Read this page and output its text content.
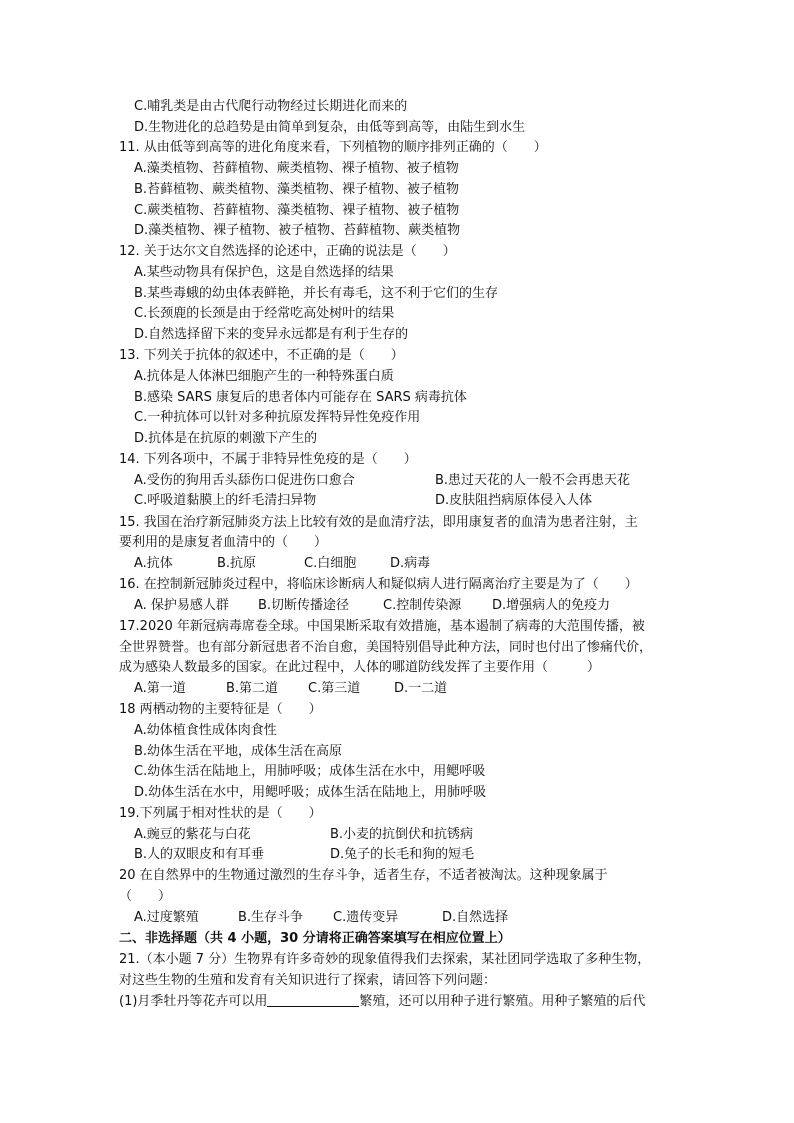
C.哺乳类是由古代爬行动物经过长期进化而来的
D.生物进化的总趋势是由简单到复杂，由低等到高等，由陆生到水生
11. 从由低等到高等的进化角度来看，下列植物的顺序排列正确的（　　）
A.藻类植物、苔藓植物、蕨类植物、裸子植物、被子植物
B.苔藓植物、蕨类植物、藻类植物、裸子植物、被子植物
C.蕨类植物、苔藓植物、藻类植物、裸子植物、被子植物
D.藻类植物、裸子植物、被子植物、苔藓植物、蕨类植物
12. 关于达尔文自然选择的论述中，正确的说法是（　　）
A.某些动物具有保护色，这是自然选择的结果
B.某些毒蛾的幼虫体表鲜艳，并长有毒毛，这不利于它们的生存
C.长颈鹿的长颈是由于经常吃高处树叶的结果
D.自然选择留下来的变异永远都是有利于生存的
13. 下列关于抗体的叙述中，不正确的是（　　）
A.抗体是人体淋巴细胞产生的一种特殊蛋白质
B.感染 SARS 康复后的患者体内可能存在 SARS 病毒抗体
C.一种抗体可以针对多种抗原发挥特异性免疫作用
D.抗体是在抗原的刺激下产生的
14. 下列各项中，不属于非特异性免疫的是（　　）
A.受伤的狗用舌头舔伤口促进伤口愈合	B.患过天花的人一般不会再患天花
C.呼吸道黏膜上的纤毛清扫异物	D.皮肤阻挡病原体侵入人体
15. 我国在治疗新冠肺炎方法上比较有效的是血清疗法，即用康复者的血清为患者注射，主
要利用的是康复者血清中的（　　）
A.抗体	B.抗原	C.白细胞	D.病毒
16. 在控制新冠肺炎过程中，将临床诊断病人和疑似病人进行隔离治疗主要是为了（　　）
A. 保护易感人群 B.切断传播途径	C.控制传染源 D.增强病人的免疫力
17.2020 年新冠病毒席卷全球。中国果断采取有效措施，基本遏制了病毒的大范围传播，被
全世界赞誉。也有部分新冠患者不治自愈，美国特别倡导此种方法，同时也付出了惨痛代价，
成为感染人数最多的国家。在此过程中，人体的哪道防线发挥了主要作用（　　　）
A.第一道	B.第二道 C.第三道	D.一二道
18 两栖动物的主要特征是（　　）
A.幼体植食性成体肉食性
B.幼体生活在平地，成体生活在高原
C.幼体生活在陆地上，用肺呼吸；成体生活在水中，用鳃呼吸
D.幼体生活在水中，用鳃呼吸；成体生活在陆地上，用肺呼吸
19.下列属于相对性状的是（　　）
A.豌豆的紫花与白花	B.小麦的抗倒伏和抗锈病
B.人的双眼皮和有耳垂	D.兔子的长毛和狗的短毛
20 在自然界中的生物通过激烈的生存斗争，适者生存，不适者被淘汰。这种现象属于
（　　）
A.过度繁殖	B.生存斗争 C.遗传变异	D.自然选择
二、非选择题（共 4 小题，30 分请将正确答案填写在相应位置上）
21.（本小题 7 分）生物界有许多奇妙的现象值得我们去探索，某社团同学选取了多种生物，
对这些生物的生殖和发育有关知识进行了探索，请回答下列问题：
(1)月季牡丹等花卉可以用	繁殖，还可以用种子进行繁殖。用种子繁殖的后代
